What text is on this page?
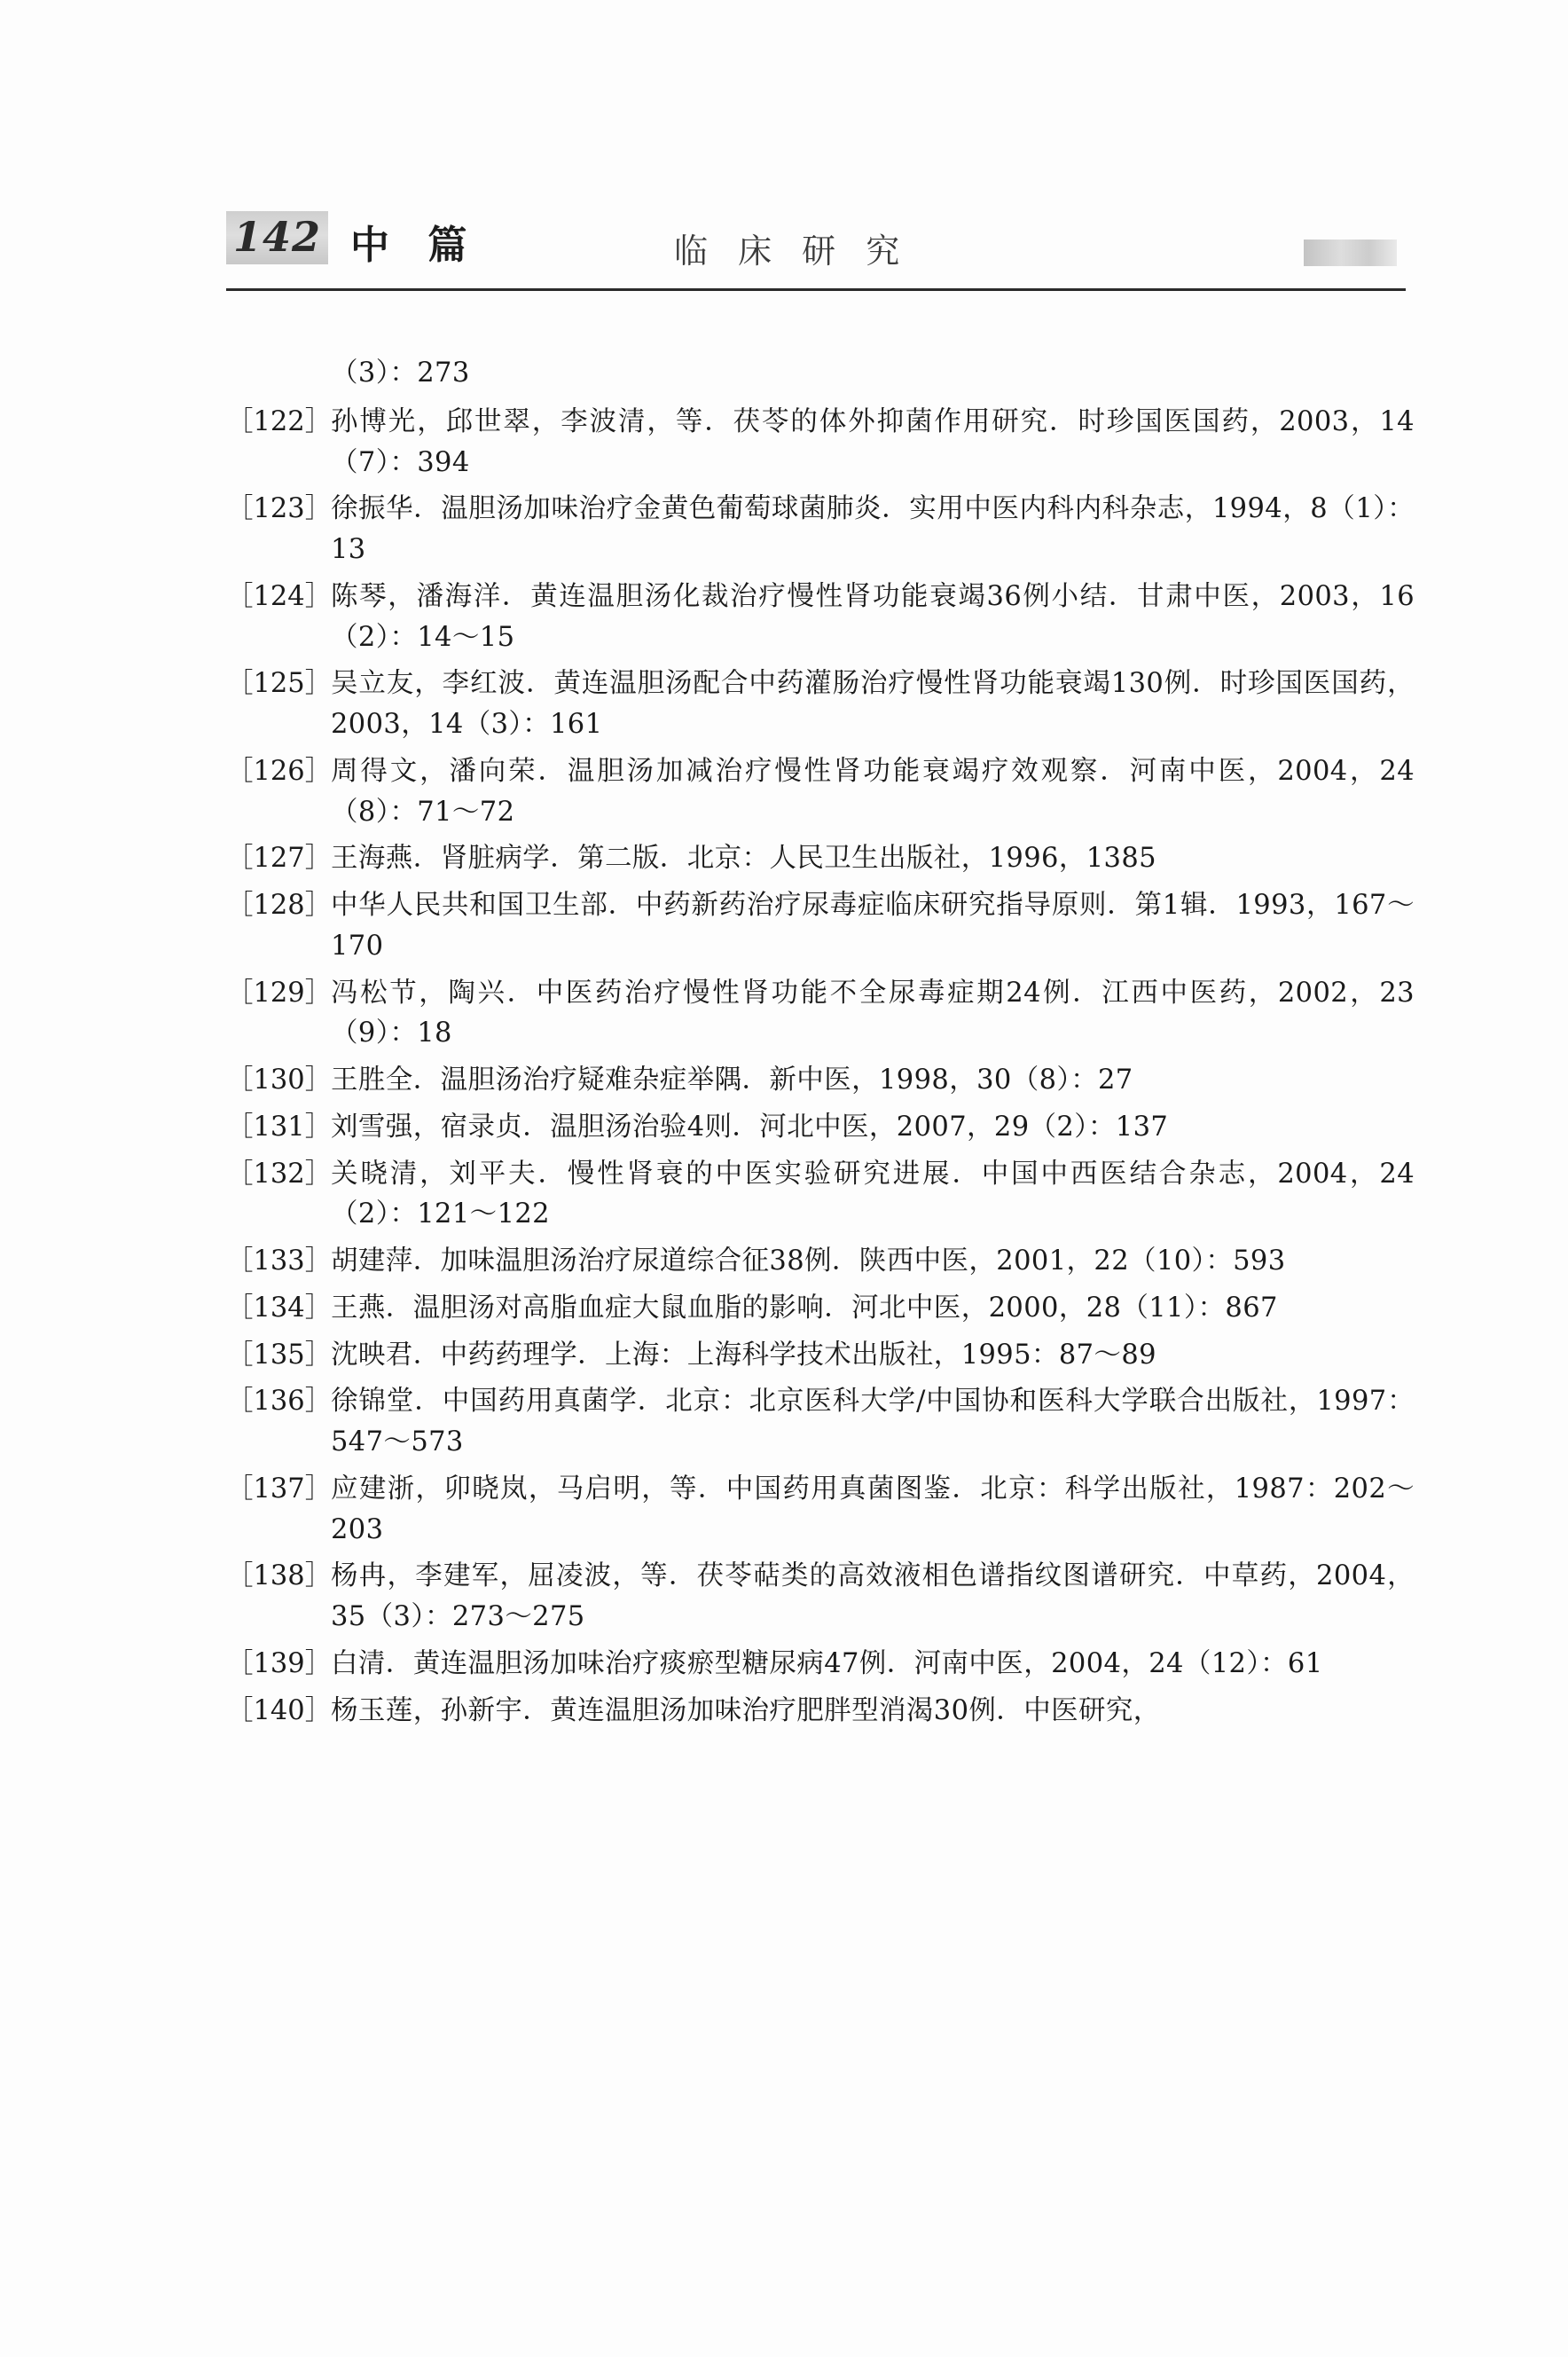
142 中 篇	临 床 研 究
（3）：273
［122］
孙博光，邱世翠，李波清，等．茯苓的体外抑菌作用研究．时珍国医国药，2003，14（7）：394
［123］
徐振华．温胆汤加味治疗金黄色葡萄球菌肺炎．实用中医内科内科杂志，1994，8（1）：13
［124］
陈琴，潘海洋．黄连温胆汤化裁治疗慢性肾功能衰竭36例小结．甘肃中医，2003，16（2）：14～15
［125］
吴立友，李红波．黄连温胆汤配合中药灌肠治疗慢性肾功能衰竭130例．时珍国医国药，2003，14（3）：161
［126］
周得文，潘向荣．温胆汤加减治疗慢性肾功能衰竭疗效观察．河南中医，2004，24（8）：71～72
［127］
王海燕．肾脏病学．第二版．北京：人民卫生出版社，1996，1385
［128］
中华人民共和国卫生部．中药新药治疗尿毒症临床研究指导原则．第1辑．1993，167～170
［129］
冯松节，陶兴．中医药治疗慢性肾功能不全尿毒症期24例．江西中医药，2002，23（9）：18
［130］
王胜全．温胆汤治疗疑难杂症举隅．新中医，1998，30（8）：27
［131］
刘雪强，宿录贞．温胆汤治验4则．河北中医，2007，29（2）：137
［132］
关晓清，刘平夫．慢性肾衰的中医实验研究进展．中国中西医结合杂志，2004，24（2）：121～122
［133］
胡建萍．加味温胆汤治疗尿道综合征38例．陕西中医，2001，22（10）：593
［134］
王燕．温胆汤对高脂血症大鼠血脂的影响．河北中医，2000，28（11）：867
［135］
沈映君．中药药理学．上海：上海科学技术出版社，1995：87～89
［136］
徐锦堂．中国药用真菌学．北京：北京医科大学/中国协和医科大学联合出版社，1997：547～573
［137］
应建浙，卯晓岚，马启明，等．中国药用真菌图鉴．北京：科学出版社，1987：202～203
［138］
杨冉，李建军，屈凌波，等．茯苓萜类的高效液相色谱指纹图谱研究．中草药，2004，35（3）：273～275
［139］
白清．黄连温胆汤加味治疗痰瘀型糖尿病47例．河南中医，2004，24（12）：61
［140］
杨玉莲，孙新宇．黄连温胆汤加味治疗肥胖型消渴30例．中医研究，
